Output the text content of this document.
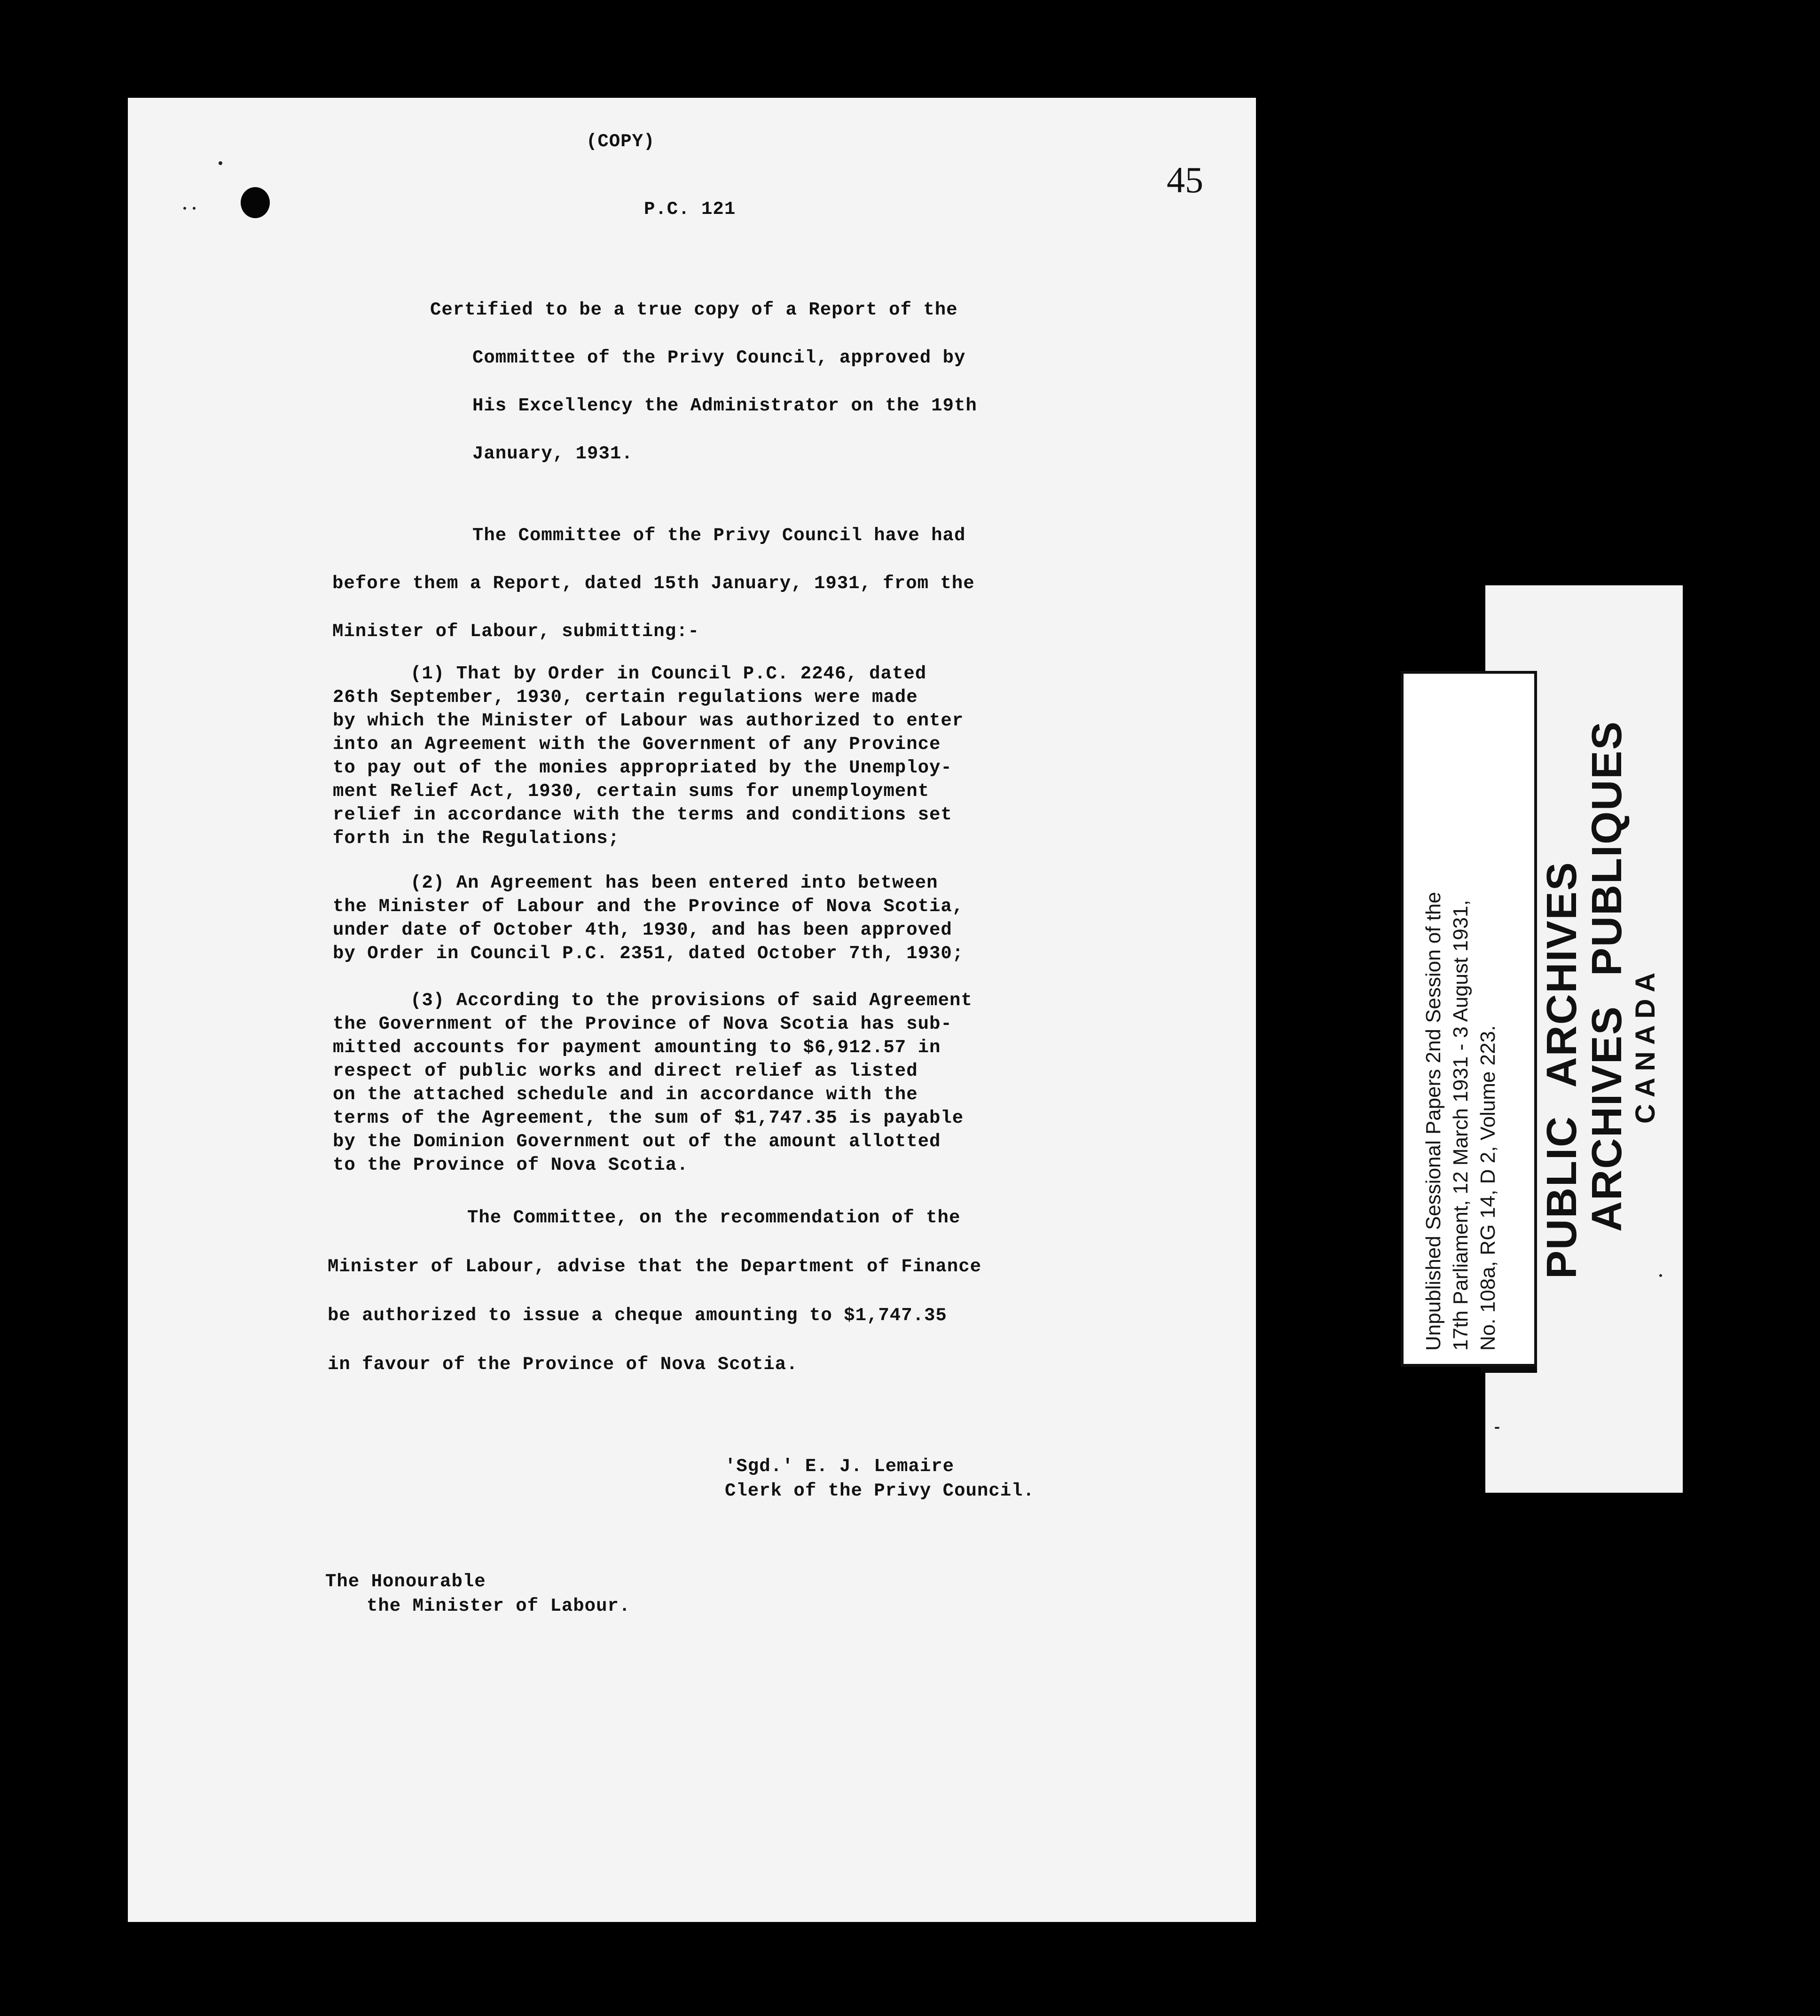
(COPY)
45
P.C. 121
Certified to be a true copy of a Report of the
Committee of the Privy Council, approved by
His Excellency the Administrator on the 19th
January, 1931.
The Committee of the Privy Council have had
before them a Report, dated 15th January, 1931, from the
Minister of Labour, submitting:-
(1) That by Order in Council P.C. 2246, dated
26th September, 1930, certain regulations were made
by which the Minister of Labour was authorized to enter
into an Agreement with the Government of any Province
to pay out of the monies appropriated by the Unemploy-
ment Relief Act, 1930, certain sums for unemployment
relief in accordance with the terms and conditions set
forth in the Regulations;
(2) An Agreement has been entered into between
the Minister of Labour and the Province of Nova Scotia,
under date of October 4th, 1930, and has been approved
by Order in Council P.C. 2351, dated October 7th, 1930;
(3) According to the provisions of said Agreement
the Government of the Province of Nova Scotia has sub-
mitted accounts for payment amounting to $6,912.57 in
respect of public works and direct relief as listed
on the attached schedule and in accordance with the
terms of the Agreement, the sum of $1,747.35 is payable
by the Dominion Government out of the amount allotted
to the Province of Nova Scotia.
The Committee, on the recommendation of the
Minister of Labour, advise that the Department of Finance
be authorized to issue a cheque amounting to $1,747.35
in favour of the Province of Nova Scotia.
'Sgd.' E. J. Lemaire
Clerk of the Privy Council.
The Honourable
the Minister of Labour.
PUBLIC ARCHIVES
ARCHIVES PUBLIQUES CANADA
Unpublished Sessional Papers 2nd Session of the 17th Parliament, 12 March 1931 - 3 August 1931, No. 108a, RG 14, D 2, Volume 223.
